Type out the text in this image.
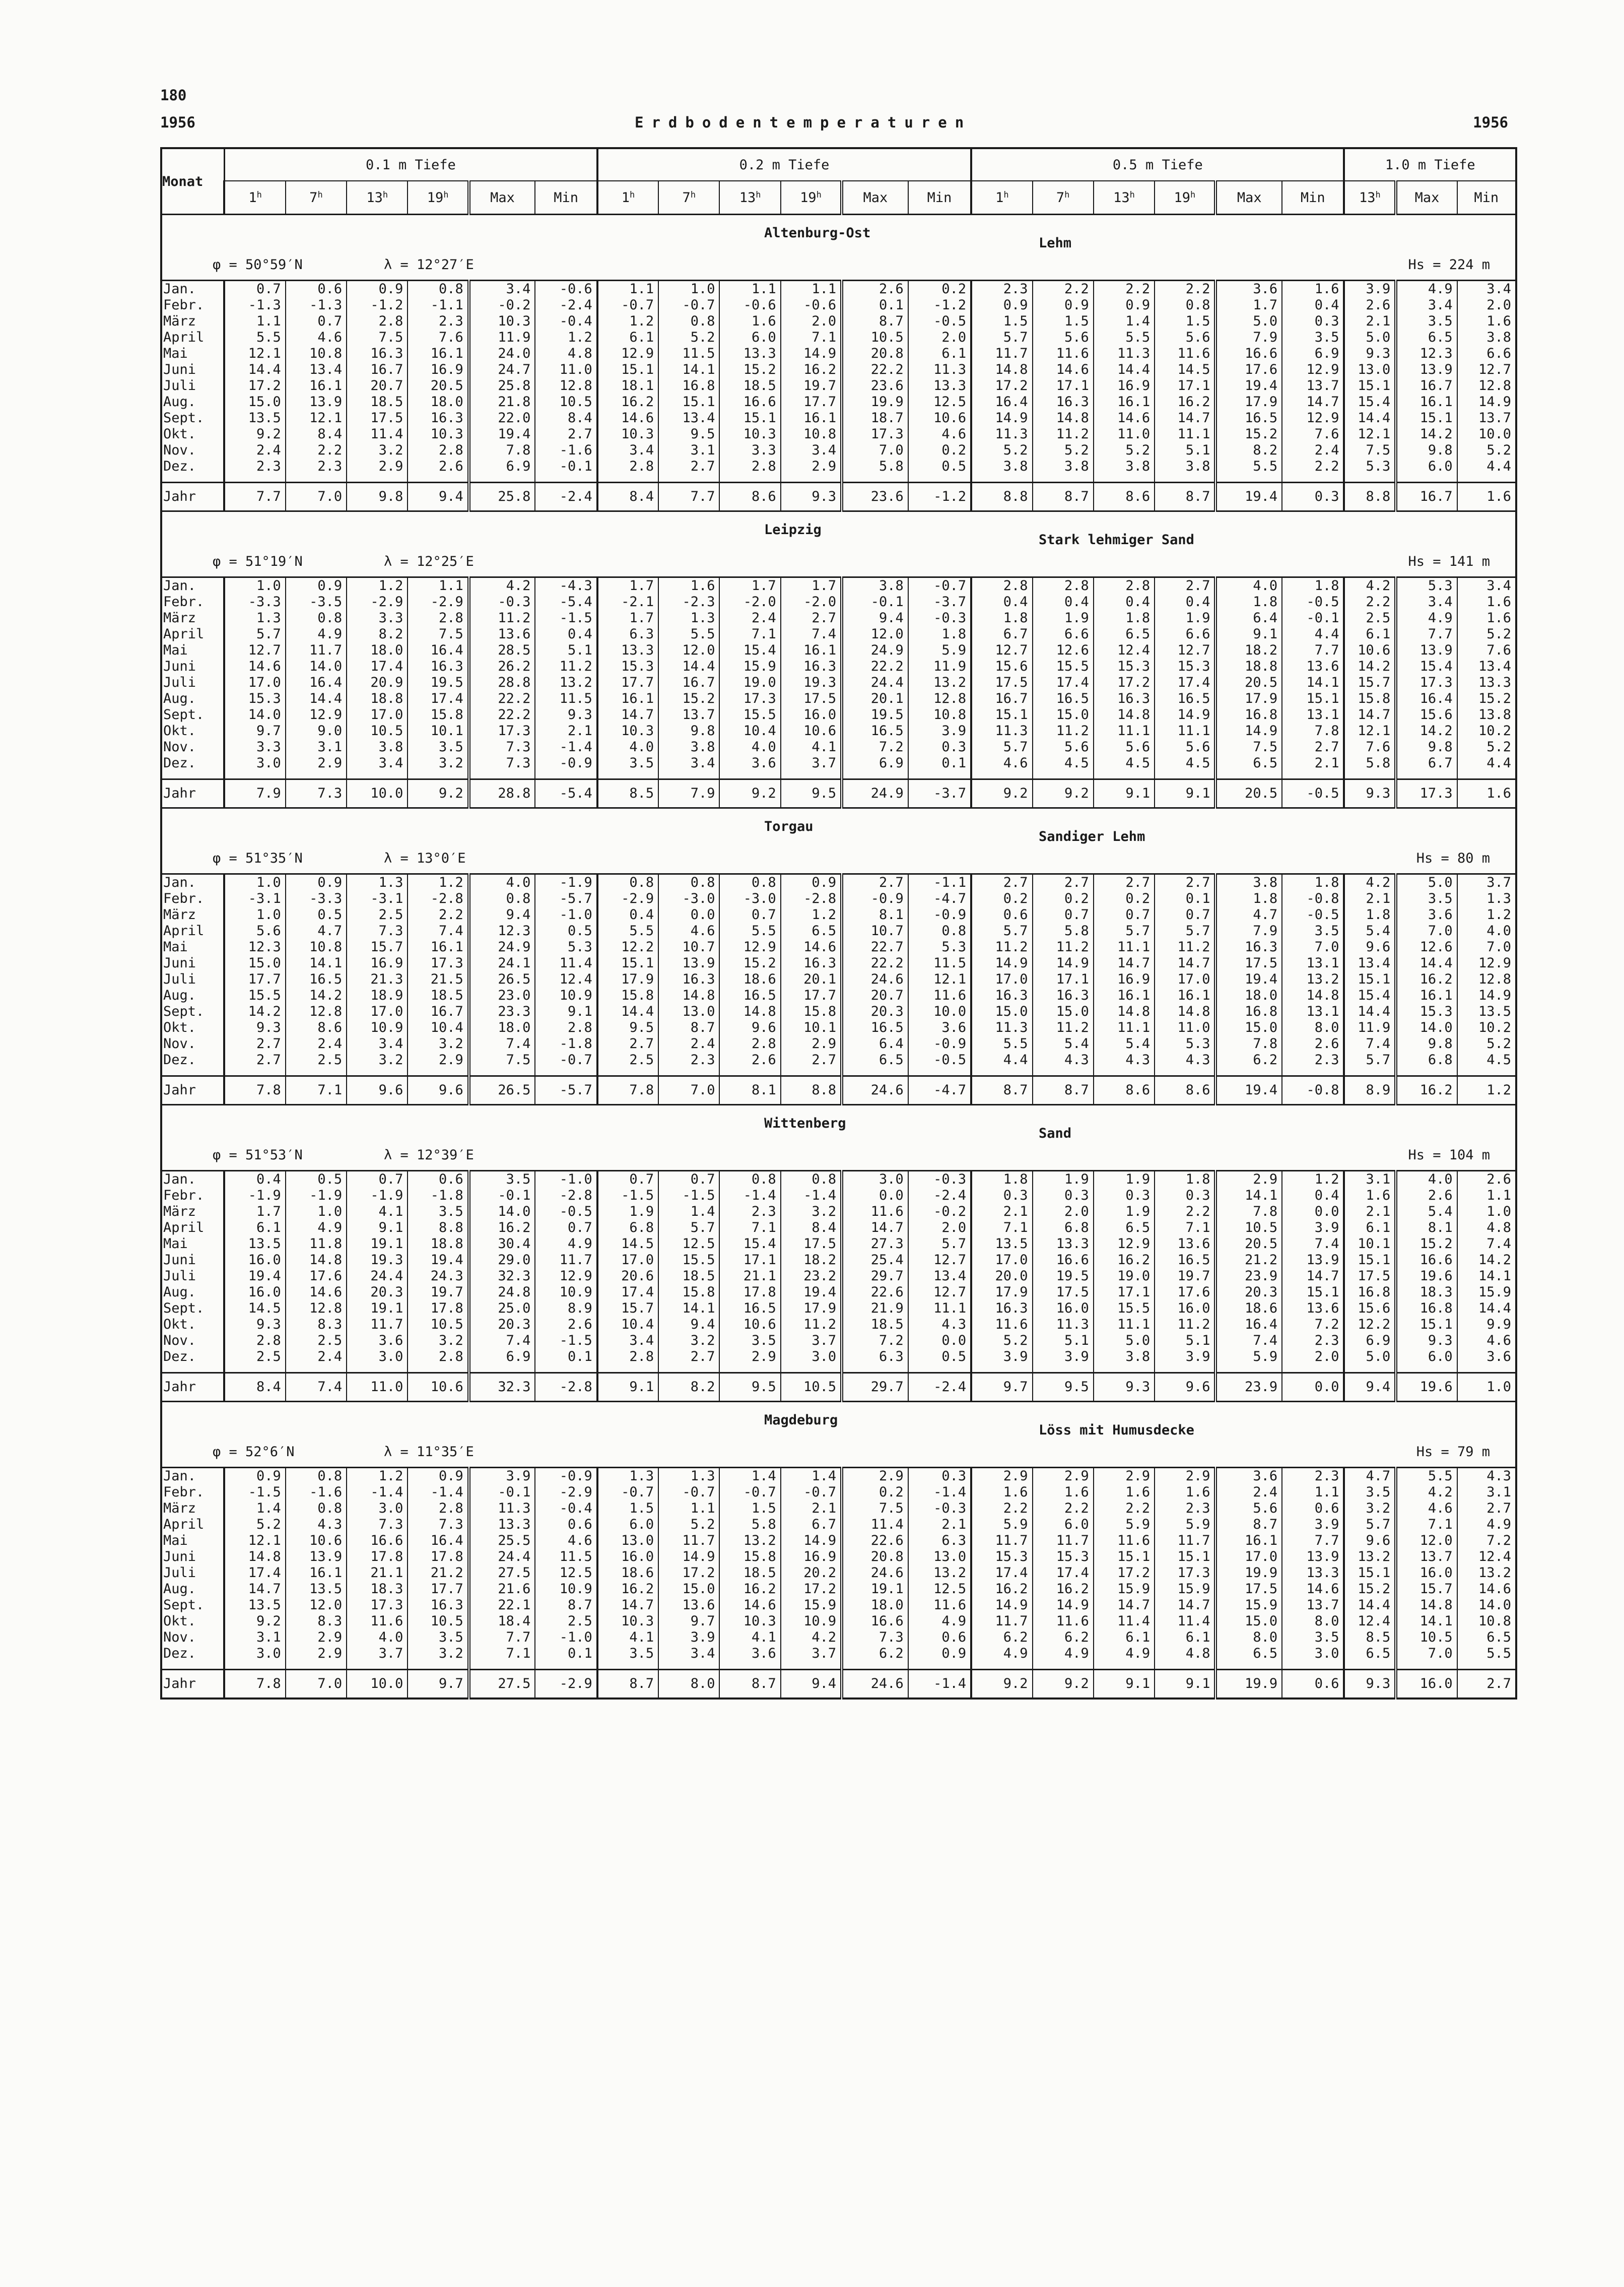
180
1956	Erdbodentemperaturen	1956
Monat	0.1 m Tiefe						0.2 m Tiefe						0.5 m Tiefe						1.0 m Tiefe		
	1$^h$	7$^h$	13$^h$	19$^h$	Max	Min	1$^h$	7$^h$	13$^h$	19$^h$	Max	Min	1$^h$	7$^h$	13$^h$	19$^h$	Max	Min	13$^h$	Max	Min

φ = 50°59′N λ = 12°27′E
Altenburg-Ost
Lehm
Hs = 224 m																					

Jan.	0.7	0.6	0.9	0.8	3.4	-0.6	1.1	1.0	1.1	1.1	2.6	0.2	2.3	2.2	2.2	2.2	3.6	1.6	3.9	4.9	3.4
Febr.	-1.3	-1.3	-1.2	-1.1	-0.2	-2.4	-0.7	-0.7	-0.6	-0.6	0.1	-1.2	0.9	0.9	0.9	0.8	1.7	0.4	2.6	3.4	2.0
März	1.1	0.7	2.8	2.3	10.3	-0.4	1.2	0.8	1.6	2.0	8.7	-0.5	1.5	1.5	1.4	1.5	5.0	0.3	2.1	3.5	1.6
April	5.5	4.6	7.5	7.6	11.9	1.2	6.1	5.2	6.0	7.1	10.5	2.0	5.7	5.6	5.5	5.6	7.9	3.5	5.0	6.5	3.8
Mai	12.1	10.8	16.3	16.1	24.0	4.8	12.9	11.5	13.3	14.9	20.8	6.1	11.7	11.6	11.3	11.6	16.6	6.9	9.3	12.3	6.6
Juni	14.4	13.4	16.7	16.9	24.7	11.0	15.1	14.1	15.2	16.2	22.2	11.3	14.8	14.6	14.4	14.5	17.6	12.9	13.0	13.9	12.7
Juli	17.2	16.1	20.7	20.5	25.8	12.8	18.1	16.8	18.5	19.7	23.6	13.3	17.2	17.1	16.9	17.1	19.4	13.7	15.1	16.7	12.8
Aug.	15.0	13.9	18.5	18.0	21.8	10.5	16.2	15.1	16.6	17.7	19.9	12.5	16.4	16.3	16.1	16.2	17.9	14.7	15.4	16.1	14.9
Sept.	13.5	12.1	17.5	16.3	22.0	8.4	14.6	13.4	15.1	16.1	18.7	10.6	14.9	14.8	14.6	14.7	16.5	12.9	14.4	15.1	13.7
Okt.	9.2	8.4	11.4	10.3	19.4	2.7	10.3	9.5	10.3	10.8	17.3	4.6	11.3	11.2	11.0	11.1	15.2	7.6	12.1	14.2	10.0
Nov.	2.4	2.2	3.2	2.8	7.8	-1.6	3.4	3.1	3.3	3.4	7.0	0.2	5.2	5.2	5.2	5.1	8.2	2.4	7.5	9.8	5.2
Dez.	2.3	2.3	2.9	2.6	6.9	-0.1	2.8	2.7	2.8	2.9	5.8	0.5	3.8	3.8	3.8	3.8	5.5	2.2	5.3	6.0	4.4
Jahr	7.7	7.0	9.8	9.4	25.8	-2.4	8.4	7.7	8.6	9.3	23.6	-1.2	8.8	8.7	8.6	8.7	19.4	0.3	8.8	16.7	1.6

φ = 51°19′N λ = 12°25′E
Leipzig
Stark lehmiger Sand
Hs = 141 m																					

Jan.	1.0	0.9	1.2	1.1	4.2	-4.3	1.7	1.6	1.7	1.7	3.8	-0.7	2.8	2.8	2.8	2.7	4.0	1.8	4.2	5.3	3.4
Febr.	-3.3	-3.5	-2.9	-2.9	-0.3	-5.4	-2.1	-2.3	-2.0	-2.0	-0.1	-3.7	0.4	0.4	0.4	0.4	1.8	-0.5	2.2	3.4	1.6
März	1.3	0.8	3.3	2.8	11.2	-1.5	1.7	1.3	2.4	2.7	9.4	-0.3	1.8	1.9	1.8	1.9	6.4	-0.1	2.5	4.9	1.6
April	5.7	4.9	8.2	7.5	13.6	0.4	6.3	5.5	7.1	7.4	12.0	1.8	6.7	6.6	6.5	6.6	9.1	4.4	6.1	7.7	5.2
Mai	12.7	11.7	18.0	16.4	28.5	5.1	13.3	12.0	15.4	16.1	24.9	5.9	12.7	12.6	12.4	12.7	18.2	7.7	10.6	13.9	7.6
Juni	14.6	14.0	17.4	16.3	26.2	11.2	15.3	14.4	15.9	16.3	22.2	11.9	15.6	15.5	15.3	15.3	18.8	13.6	14.2	15.4	13.4
Juli	17.0	16.4	20.9	19.5	28.8	13.2	17.7	16.7	19.0	19.3	24.4	13.2	17.5	17.4	17.2	17.4	20.5	14.1	15.7	17.3	13.3
Aug.	15.3	14.4	18.8	17.4	22.2	11.5	16.1	15.2	17.3	17.5	20.1	12.8	16.7	16.5	16.3	16.5	17.9	15.1	15.8	16.4	15.2
Sept.	14.0	12.9	17.0	15.8	22.2	9.3	14.7	13.7	15.5	16.0	19.5	10.8	15.1	15.0	14.8	14.9	16.8	13.1	14.7	15.6	13.8
Okt.	9.7	9.0	10.5	10.1	17.3	2.1	10.3	9.8	10.4	10.6	16.5	3.9	11.3	11.2	11.1	11.1	14.9	7.8	12.1	14.2	10.2
Nov.	3.3	3.1	3.8	3.5	7.3	-1.4	4.0	3.8	4.0	4.1	7.2	0.3	5.7	5.6	5.6	5.6	7.5	2.7	7.6	9.8	5.2
Dez.	3.0	2.9	3.4	3.2	7.3	-0.9	3.5	3.4	3.6	3.7	6.9	0.1	4.6	4.5	4.5	4.5	6.5	2.1	5.8	6.7	4.4
Jahr	7.9	7.3	10.0	9.2	28.8	-5.4	8.5	7.9	9.2	9.5	24.9	-3.7	9.2	9.2	9.1	9.1	20.5	-0.5	9.3	17.3	1.6

φ = 51°35′N λ = 13°0′E
Torgau
Sandiger Lehm
Hs = 80 m																					

Jan.	1.0	0.9	1.3	1.2	4.0	-1.9	0.8	0.8	0.8	0.9	2.7	-1.1	2.7	2.7	2.7	2.7	3.8	1.8	4.2	5.0	3.7
Febr.	-3.1	-3.3	-3.1	-2.8	0.8	-5.7	-2.9	-3.0	-3.0	-2.8	-0.9	-4.7	0.2	0.2	0.2	0.1	1.8	-0.8	2.1	3.5	1.3
März	1.0	0.5	2.5	2.2	9.4	-1.0	0.4	0.0	0.7	1.2	8.1	-0.9	0.6	0.7	0.7	0.7	4.7	-0.5	1.8	3.6	1.2
April	5.6	4.7	7.3	7.4	12.3	0.5	5.5	4.6	5.5	6.5	10.7	0.8	5.7	5.8	5.7	5.7	7.9	3.5	5.4	7.0	4.0
Mai	12.3	10.8	15.7	16.1	24.9	5.3	12.2	10.7	12.9	14.6	22.7	5.3	11.2	11.2	11.1	11.2	16.3	7.0	9.6	12.6	7.0
Juni	15.0	14.1	16.9	17.3	24.1	11.4	15.1	13.9	15.2	16.3	22.2	11.5	14.9	14.9	14.7	14.7	17.5	13.1	13.4	14.4	12.9
Juli	17.7	16.5	21.3	21.5	26.5	12.4	17.9	16.3	18.6	20.1	24.6	12.1	17.0	17.1	16.9	17.0	19.4	13.2	15.1	16.2	12.8
Aug.	15.5	14.2	18.9	18.5	23.0	10.9	15.8	14.8	16.5	17.7	20.7	11.6	16.3	16.3	16.1	16.1	18.0	14.8	15.4	16.1	14.9
Sept.	14.2	12.8	17.0	16.7	23.3	9.1	14.4	13.0	14.8	15.8	20.3	10.0	15.0	15.0	14.8	14.8	16.8	13.1	14.4	15.3	13.5
Okt.	9.3	8.6	10.9	10.4	18.0	2.8	9.5	8.7	9.6	10.1	16.5	3.6	11.3	11.2	11.1	11.0	15.0	8.0	11.9	14.0	10.2
Nov.	2.7	2.4	3.4	3.2	7.4	-1.8	2.7	2.4	2.8	2.9	6.4	-0.9	5.5	5.4	5.4	5.3	7.8	2.6	7.4	9.8	5.2
Dez.	2.7	2.5	3.2	2.9	7.5	-0.7	2.5	2.3	2.6	2.7	6.5	-0.5	4.4	4.3	4.3	4.3	6.2	2.3	5.7	6.8	4.5
Jahr	7.8	7.1	9.6	9.6	26.5	-5.7	7.8	7.0	8.1	8.8	24.6	-4.7	8.7	8.7	8.6	8.6	19.4	-0.8	8.9	16.2	1.2

φ = 51°53′N λ = 12°39′E
Wittenberg
Sand
Hs = 104 m																					

Jan.	0.4	0.5	0.7	0.6	3.5	-1.0	0.7	0.7	0.8	0.8	3.0	-0.3	1.8	1.9	1.9	1.8	2.9	1.2	3.1	4.0	2.6
Febr.	-1.9	-1.9	-1.9	-1.8	-0.1	-2.8	-1.5	-1.5	-1.4	-1.4	0.0	-2.4	0.3	0.3	0.3	0.3	14.1	0.4	1.6	2.6	1.1
März	1.7	1.0	4.1	3.5	14.0	-0.5	1.9	1.4	2.3	3.2	11.6	-0.2	2.1	2.0	1.9	2.2	7.8	0.0	2.1	5.4	1.0
April	6.1	4.9	9.1	8.8	16.2	0.7	6.8	5.7	7.1	8.4	14.7	2.0	7.1	6.8	6.5	7.1	10.5	3.9	6.1	8.1	4.8
Mai	13.5	11.8	19.1	18.8	30.4	4.9	14.5	12.5	15.4	17.5	27.3	5.7	13.5	13.3	12.9	13.6	20.5	7.4	10.1	15.2	7.4
Juni	16.0	14.8	19.3	19.4	29.0	11.7	17.0	15.5	17.1	18.2	25.4	12.7	17.0	16.6	16.2	16.5	21.2	13.9	15.1	16.6	14.2
Juli	19.4	17.6	24.4	24.3	32.3	12.9	20.6	18.5	21.1	23.2	29.7	13.4	20.0	19.5	19.0	19.7	23.9	14.7	17.5	19.6	14.1
Aug.	16.0	14.6	20.3	19.7	24.8	10.9	17.4	15.8	17.8	19.4	22.6	12.7	17.9	17.5	17.1	17.6	20.3	15.1	16.8	18.3	15.9
Sept.	14.5	12.8	19.1	17.8	25.0	8.9	15.7	14.1	16.5	17.9	21.9	11.1	16.3	16.0	15.5	16.0	18.6	13.6	15.6	16.8	14.4
Okt.	9.3	8.3	11.7	10.5	20.3	2.6	10.4	9.4	10.6	11.2	18.5	4.3	11.6	11.3	11.1	11.2	16.4	7.2	12.2	15.1	9.9
Nov.	2.8	2.5	3.6	3.2	7.4	-1.5	3.4	3.2	3.5	3.7	7.2	0.0	5.2	5.1	5.0	5.1	7.4	2.3	6.9	9.3	4.6
Dez.	2.5	2.4	3.0	2.8	6.9	0.1	2.8	2.7	2.9	3.0	6.3	0.5	3.9	3.9	3.8	3.9	5.9	2.0	5.0	6.0	3.6
Jahr	8.4	7.4	11.0	10.6	32.3	-2.8	9.1	8.2	9.5	10.5	29.7	-2.4	9.7	9.5	9.3	9.6	23.9	0.0	9.4	19.6	1.0

φ = 52°6′N λ = 11°35′E
Magdeburg
Löss mit Humusdecke
Hs = 79 m																					

Jan.	0.9	0.8	1.2	0.9	3.9	-0.9	1.3	1.3	1.4	1.4	2.9	0.3	2.9	2.9	2.9	2.9	3.6	2.3	4.7	5.5	4.3
Febr.	-1.5	-1.6	-1.4	-1.4	-0.1	-2.9	-0.7	-0.7	-0.7	-0.7	0.2	-1.4	1.6	1.6	1.6	1.6	2.4	1.1	3.5	4.2	3.1
März	1.4	0.8	3.0	2.8	11.3	-0.4	1.5	1.1	1.5	2.1	7.5	-0.3	2.2	2.2	2.2	2.3	5.6	0.6	3.2	4.6	2.7
April	5.2	4.3	7.3	7.3	13.3	0.6	6.0	5.2	5.8	6.7	11.4	2.1	5.9	6.0	5.9	5.9	8.7	3.9	5.7	7.1	4.9
Mai	12.1	10.6	16.6	16.4	25.5	4.6	13.0	11.7	13.2	14.9	22.6	6.3	11.7	11.7	11.6	11.7	16.1	7.7	9.6	12.0	7.2
Juni	14.8	13.9	17.8	17.8	24.4	11.5	16.0	14.9	15.8	16.9	20.8	13.0	15.3	15.3	15.1	15.1	17.0	13.9	13.2	13.7	12.4
Juli	17.4	16.1	21.1	21.2	27.5	12.5	18.6	17.2	18.5	20.2	24.6	13.2	17.4	17.4	17.2	17.3	19.9	13.3	15.1	16.0	13.2
Aug.	14.7	13.5	18.3	17.7	21.6	10.9	16.2	15.0	16.2	17.2	19.1	12.5	16.2	16.2	15.9	15.9	17.5	14.6	15.2	15.7	14.6
Sept.	13.5	12.0	17.3	16.3	22.1	8.7	14.7	13.6	14.6	15.9	18.0	11.6	14.9	14.9	14.7	14.7	15.9	13.7	14.4	14.8	14.0
Okt.	9.2	8.3	11.6	10.5	18.4	2.5	10.3	9.7	10.3	10.9	16.6	4.9	11.7	11.6	11.4	11.4	15.0	8.0	12.4	14.1	10.8
Nov.	3.1	2.9	4.0	3.5	7.7	-1.0	4.1	3.9	4.1	4.2	7.3	0.6	6.2	6.2	6.1	6.1	8.0	3.5	8.5	10.5	6.5
Dez.	3.0	2.9	3.7	3.2	7.1	0.1	3.5	3.4	3.6	3.7	6.2	0.9	4.9	4.9	4.9	4.8	6.5	3.0	6.5	7.0	5.5
Jahr	7.8	7.0	10.0	9.7	27.5	-2.9	8.7	8.0	8.7	9.4	24.6	-1.4	9.2	9.2	9.1	9.1	19.9	0.6	9.3	16.0	2.7
